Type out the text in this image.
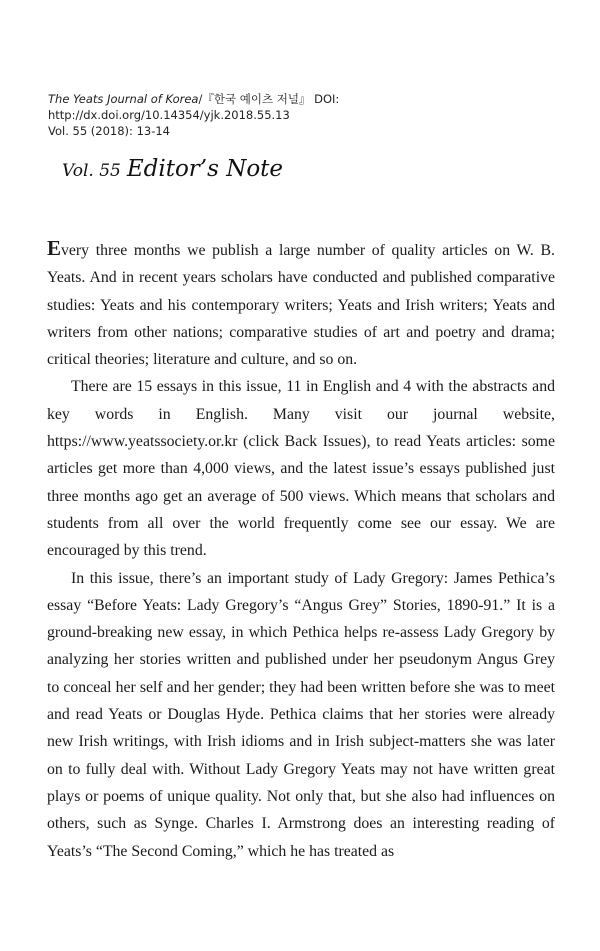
The Yeats Journal of Korea/『한국 예이츠 저널』 DOI: http://dx.doi.org/10.14354/yjk.2018.55.13
Vol. 55 (2018): 13-14
Vol. 55 Editor’s Note

Every three months we publish a large number of quality articles on W. B. Yeats. And in recent years scholars have conducted and published comparative studies: Yeats and his contemporary writers; Yeats and Irish writers; Yeats and writers from other nations; comparative studies of art and poetry and drama; critical theories; literature and culture, and so on.

There are 15 essays in this issue, 11 in English and 4 with the abstracts and key words in English. Many visit our journal website, https://www.yeatssociety.or.kr (click Back Issues), to read Yeats articles: some articles get more than 4,000 views, and the latest issue’s essays published just three months ago get an average of 500 views. Which means that scholars and students from all over the world frequently come see our essay. We are encouraged by this trend.

In this issue, there’s an important study of Lady Gregory: James Pethica’s essay “Before Yeats: Lady Gregory’s “Angus Grey” Stories, 1890-91.” It is a ground-breaking new essay, in which Pethica helps re-assess Lady Gregory by analyzing her stories written and published under her pseudonym Angus Grey to conceal her self and her gender; they had been written before she was to meet and read Yeats or Douglas Hyde. Pethica claims that her stories were already new Irish writings, with Irish idioms and in Irish subject-matters she was later on to fully deal with. Without Lady Gregory Yeats may not have written great plays or poems of unique quality. Not only that, but she also had influences on others, such as Synge. Charles I. Armstrong does an interesting reading of Yeats’s “The Second Coming,” which he has treated as
